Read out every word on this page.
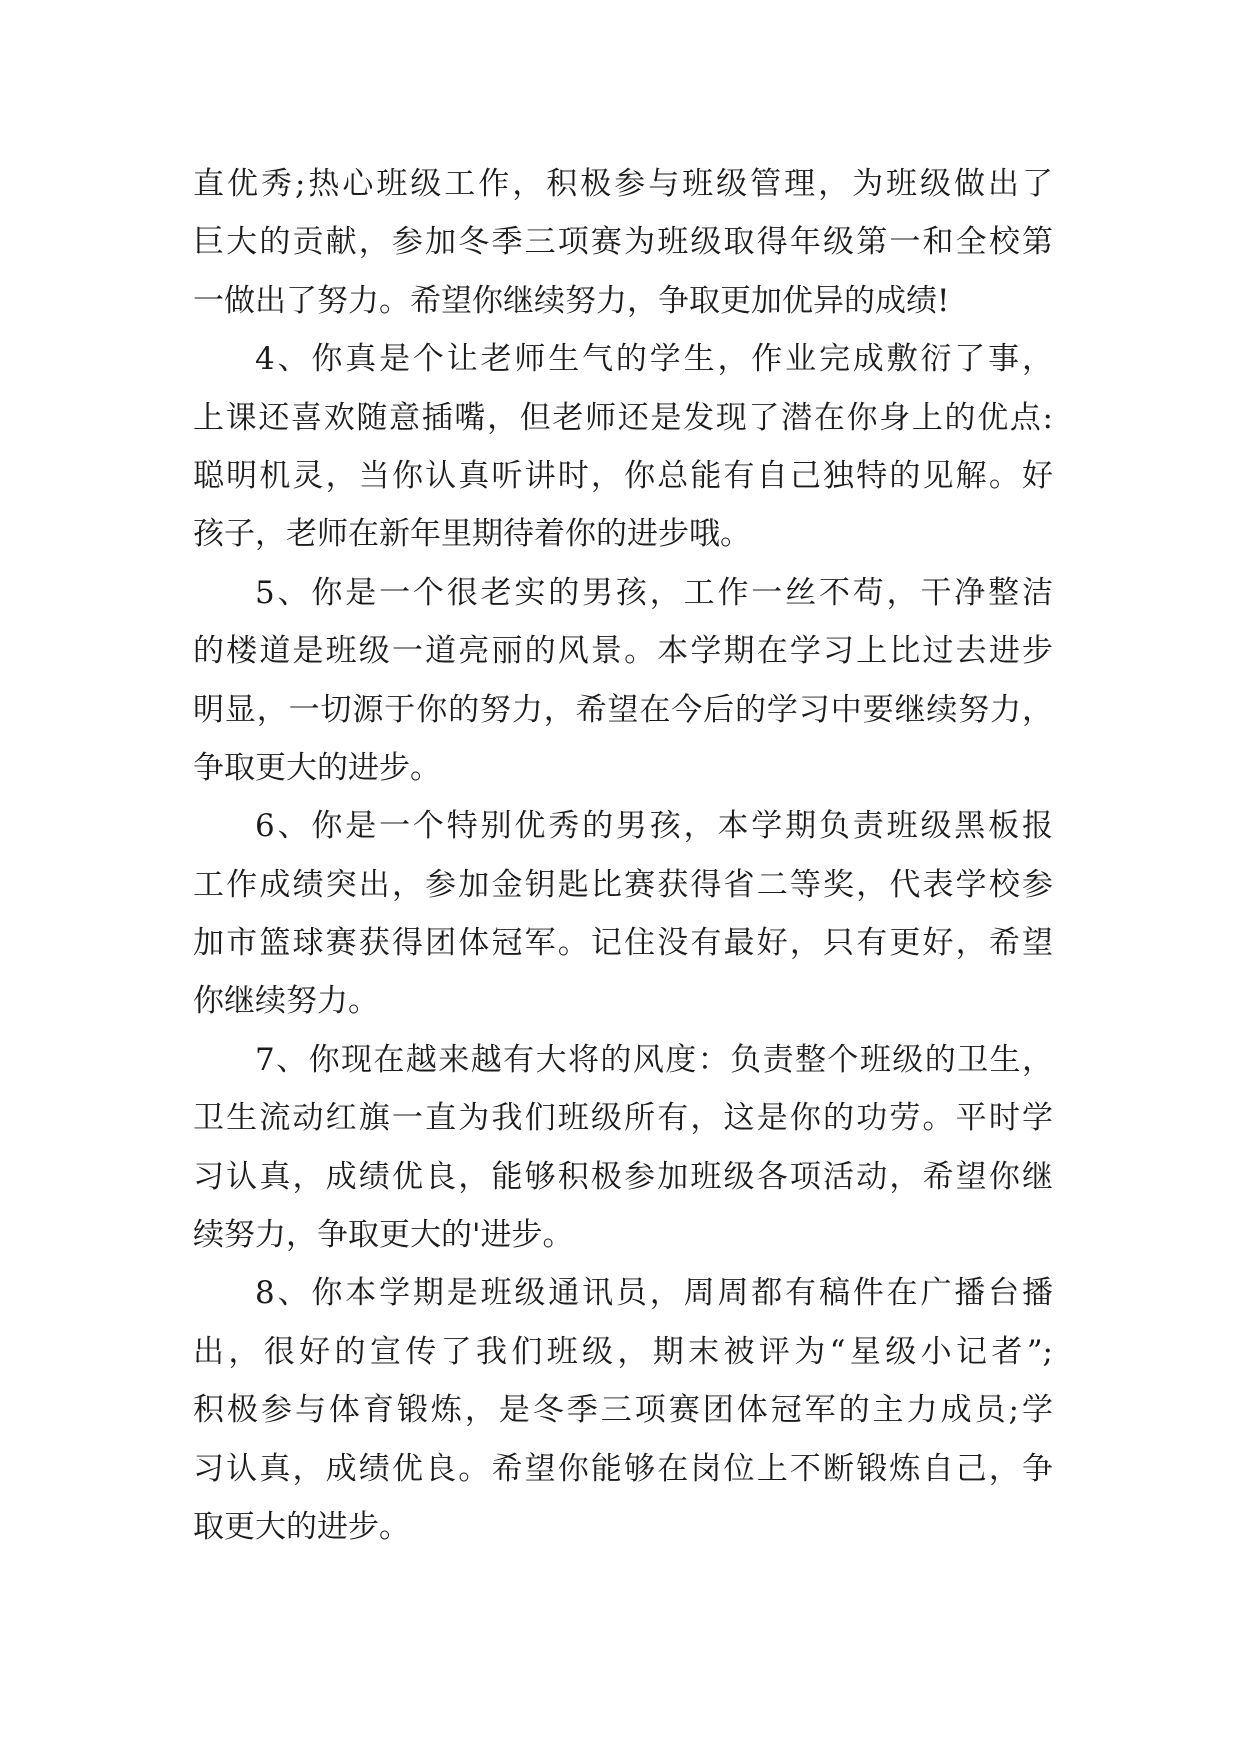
直优秀;热心班级工作，积极参与班级管理，为班级做出了
巨大的贡献，参加冬季三项赛为班级取得年级第一和全校第
一做出了努力。希望你继续努力，争取更加优异的成绩!
4、你真是个让老师生气的学生，作业完成敷衍了事，
上课还喜欢随意插嘴，但老师还是发现了潜在你身上的优点:
聪明机灵，当你认真听讲时，你总能有自己独特的见解。好
孩子，老师在新年里期待着你的进步哦。
5、你是一个很老实的男孩，工作一丝不苟，干净整洁
的楼道是班级一道亮丽的风景。本学期在学习上比过去进步
明显，一切源于你的努力，希望在今后的学习中要继续努力，
争取更大的进步。
6、你是一个特别优秀的男孩，本学期负责班级黑板报
工作成绩突出，参加金钥匙比赛获得省二等奖，代表学校参
加市篮球赛获得团体冠军。记住没有最好，只有更好，希望
你继续努力。
7、你现在越来越有大将的风度：负责整个班级的卫生，
卫生流动红旗一直为我们班级所有，这是你的功劳。平时学
习认真，成绩优良，能够积极参加班级各项活动，希望你继
续努力，争取更大的'进步。
8、你本学期是班级通讯员，周周都有稿件在广播台播
出，很好的宣传了我们班级，期末被评为“星级小记者”;
积极参与体育锻炼，是冬季三项赛团体冠军的主力成员;学
习认真，成绩优良。希望你能够在岗位上不断锻炼自己，争
取更大的进步。
